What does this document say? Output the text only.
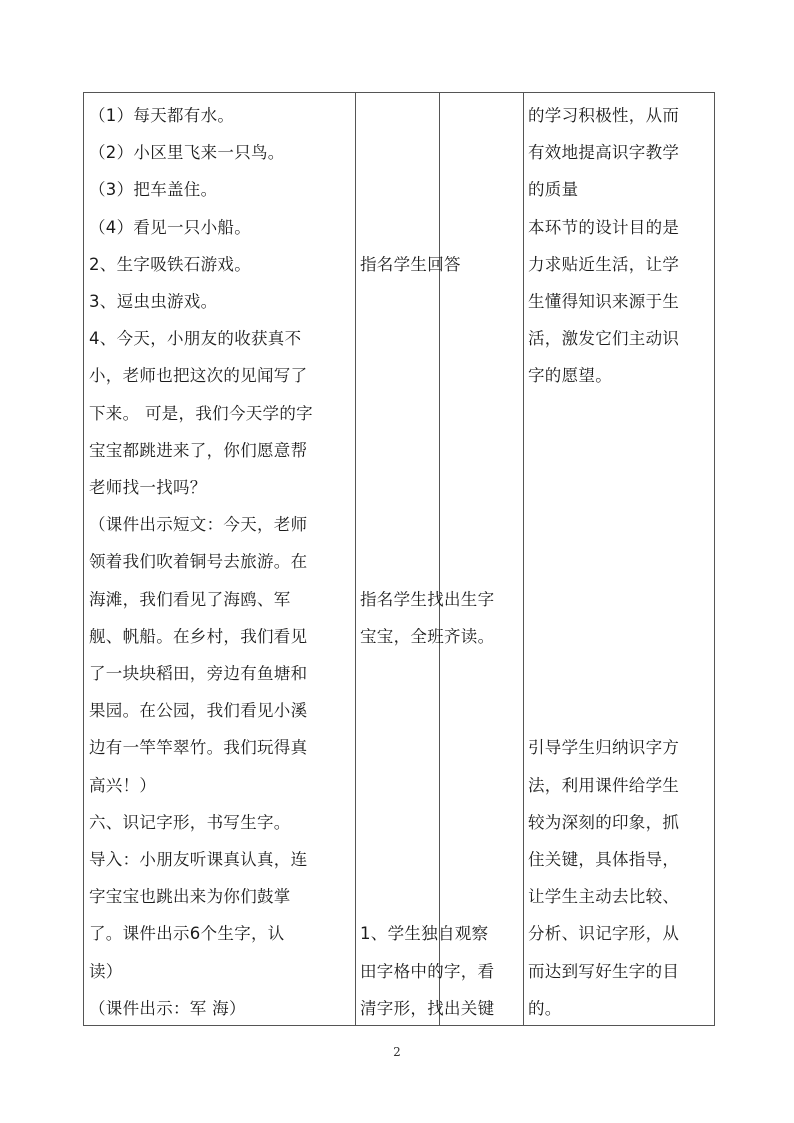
（1）每天都有水。
（2）小区里飞来一只鸟。
（3）把车盖住。
（4）看见一只小船。
2、生字吸铁石游戏。
3、逗虫虫游戏。
4、今天，小朋友的收获真不
小，老师也把这次的见闻写了
下来。 可是，我们今天学的字
宝宝都跳进来了，你们愿意帮
老师找一找吗？
（课件出示短文：今天，老师
领着我们吹着铜号去旅游。在
海滩，我们看见了海鸥、军
舰、帆船。在乡村，我们看见
了一块块稻田，旁边有鱼塘和
果园。在公园，我们看见小溪
边有一竿竿翠竹。我们玩得真
高兴！）
六、识记字形，书写生字。
导入：小朋友听课真认真，连
字宝宝也跳出来为你们鼓掌
了。课件出示6个生字，认
读）
（课件出示：军 海）
指名学生回答
指名学生找出生字
宝宝，全班齐读。
1、学生独自观察
田字格中的字，看
清字形，找出关键
的学习积极性，从而
有效地提高识字教学
的质量
本环节的设计目的是
力求贴近生活，让学
生懂得知识来源于生
活，激发它们主动识
字的愿望。
引导学生归纳识字方
法，利用课件给学生
较为深刻的印象，抓
住关键，具体指导，
让学生主动去比较、
分析、识记字形，从
而达到写好生字的目
的。
2
